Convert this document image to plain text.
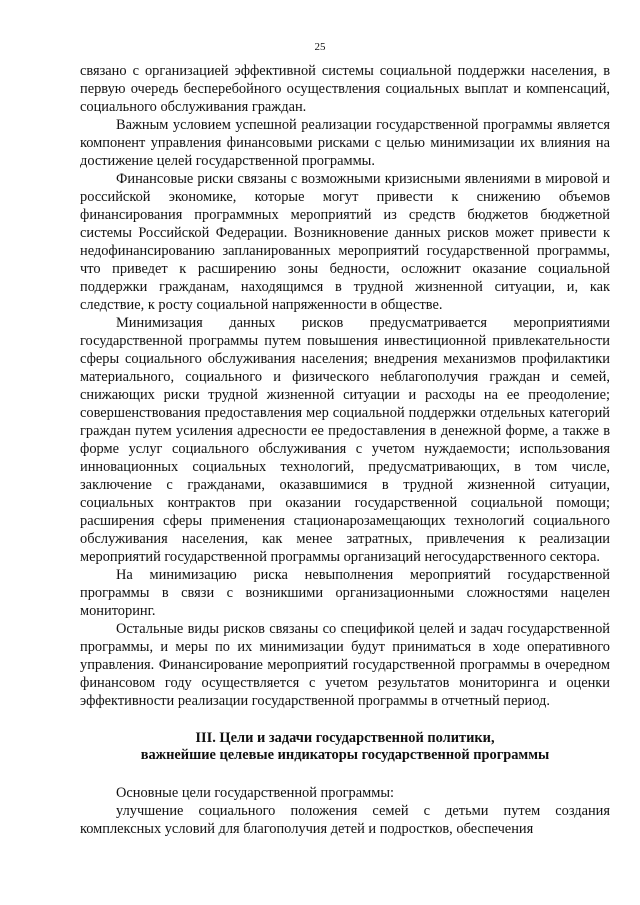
25

связано с организацией эффективной системы социальной поддержки населения, в первую очередь бесперебойного осуществления социальных выплат и компенсаций, социального обслуживания граждан.

Важным условием успешной реализации государственной программы является компонент управления финансовыми рисками с целью минимизации их влияния на достижение целей государственной программы.

Финансовые риски связаны с возможными кризисными явлениями в мировой и российской экономике, которые могут привести к снижению объемов финансирования программных мероприятий из средств бюджетов бюджетной системы Российской Федерации. Возникновение данных рисков может привести к недофинансированию запланированных мероприятий государственной программы, что приведет к расширению зоны бедности, осложнит оказание социальной поддержки гражданам, находящимся в трудной жизненной ситуации, и, как следствие, к росту социальной напряженности в обществе.

Минимизация данных рисков предусматривается мероприятиями государственной программы путем повышения инвестиционной привлекательности сферы социального обслуживания населения; внедрения механизмов профилактики материального, социального и физического неблагополучия граждан и семей, снижающих риски трудной жизненной ситуации и расходы на ее преодоление; совершенствования предоставления мер социальной поддержки отдельных категорий граждан путем усиления адресности ее предоставления в денежной форме, а также в форме услуг социального обслуживания с учетом нуждаемости; использования инновационных социальных технологий, предусматривающих, в том числе, заключение с гражданами, оказавшимися в трудной жизненной ситуации, социальных контрактов при оказании государственной социальной помощи; расширения сферы применения стационарозамещающих технологий социального обслуживания населения, как менее затратных, привлечения к реализации мероприятий государственной программы организаций негосударственного сектора.

На минимизацию риска невыполнения мероприятий государственной программы в связи с возникшими организационными сложностями нацелен мониторинг.

Остальные виды рисков связаны со спецификой целей и задач государственной программы, и меры по их минимизации будут приниматься в ходе оперативного управления. Финансирование мероприятий государственной программы в очередном финансовом году осуществляется с учетом результатов мониторинга и оценки эффективности реализации государственной программы в отчетный период.

III. Цели и задачи государственной политики,
важнейшие целевые индикаторы государственной программы

Основные цели государственной программы:

улучшение социального положения семей с детьми путем создания комплексных условий для благополучия детей и подростков, обеспечения
